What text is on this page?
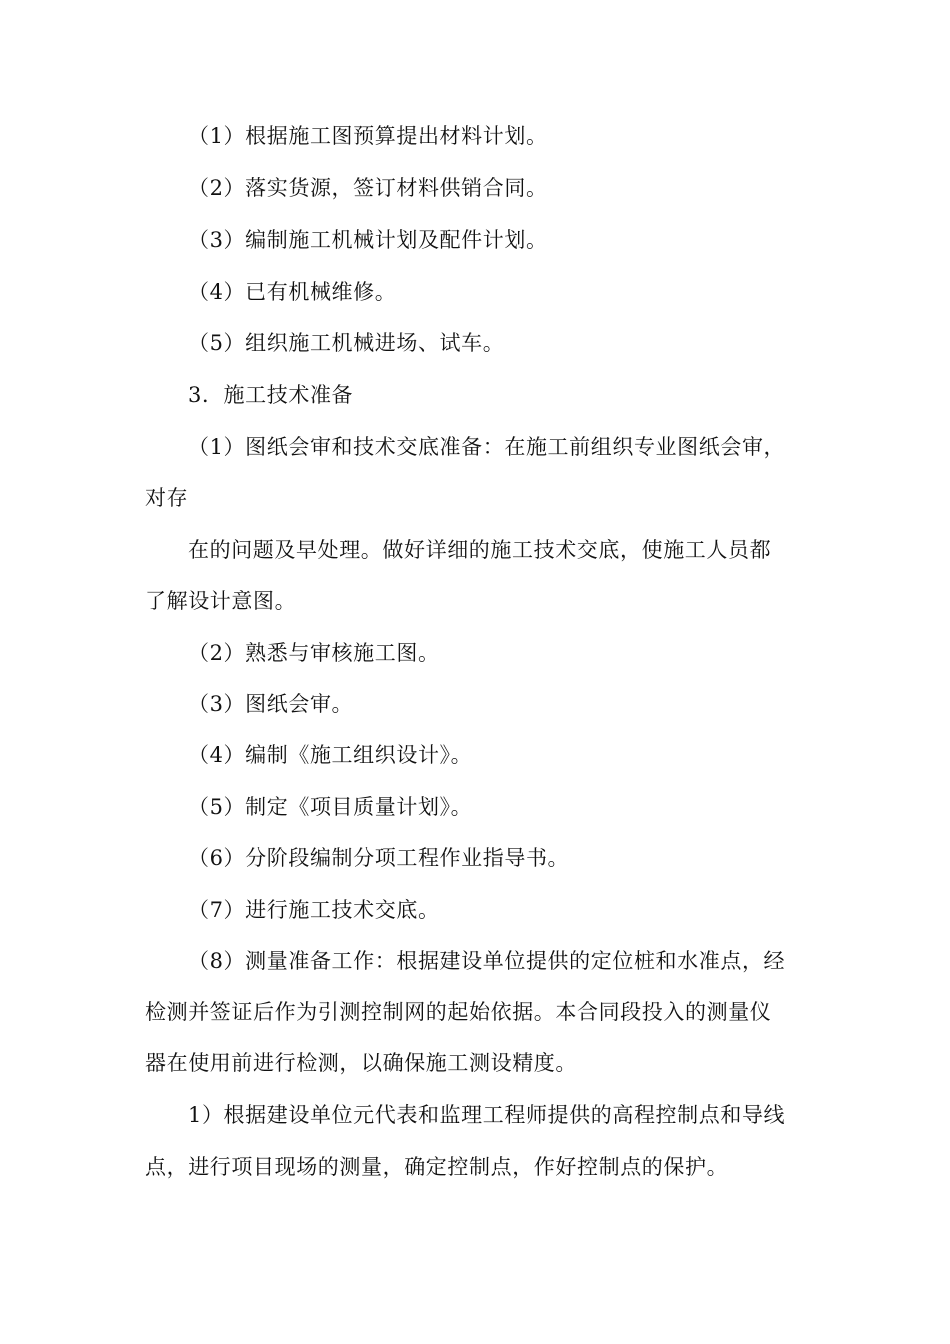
（1）根据施工图预算提出材料计划。
（2）落实货源，签订材料供销合同。
（3）编制施工机械计划及配件计划。
（4）已有机械维修。
（5）组织施工机械进场、试车。
3．施工技术准备
（1）图纸会审和技术交底准备：在施工前组织专业图纸会审，
对存
在的问题及早处理。做好详细的施工技术交底，使施工人员都
了解设计意图。
（2）熟悉与审核施工图。
（3）图纸会审。
（4）编制《施工组织设计》。
（5）制定《项目质量计划》。
（6）分阶段编制分项工程作业指导书。
（7）进行施工技术交底。
（8）测量准备工作：根据建设单位提供的定位桩和水准点，经
检测并签证后作为引测控制网的起始依据。本合同段投入的测量仪
器在使用前进行检测，以确保施工测设精度。
1）根据建设单位元代表和监理工程师提供的高程控制点和导线
点，进行项目现场的测量，确定控制点，作好控制点的保护。
